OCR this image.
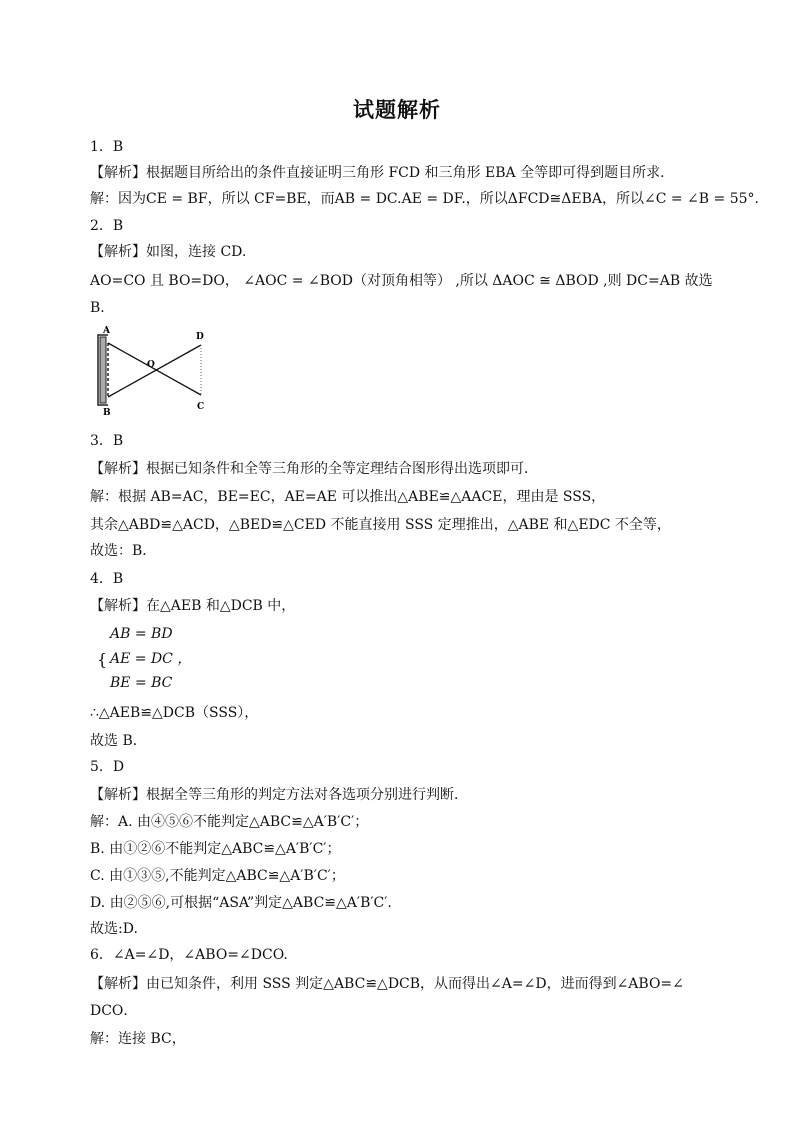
试题解析
1．B
【解析】根据题目所给出的条件直接证明三角形 FCD 和三角形 EBA 全等即可得到题目所求.
解：因为CE = BF，所以 CF=BE，而AB = DC.AE = DF.，所以ΔFCD≅ΔEBA，所以∠C = ∠B = 55°.
2．B
【解析】如图，连接 CD.
AO=CO 且 BO=DO， ∠AOC = ∠BOD（对顶角相等） ,所以 ΔAOC ≅ ΔBOD ,则 DC=AB 故选
B.
A
B
D
C
O
3．B
【解析】根据已知条件和全等三角形的全等定理结合图形得出选项即可．
解：根据 AB=AC，BE=EC，AE=AE 可以推出△ABE≌△AACE，理由是 SSS，
其余△ABD≌△ACD，△BED≌△CED 不能直接用 SSS 定理推出，△ABE 和△EDC 不全等，
故选：B．
4．B
【解析】在△AEB 和△DCB 中，
AB = BD
{ AE = DC ，
BE = BC
∴△AEB≌△DCB（SSS），
故选 B．
5．D
【解析】根据全等三角形的判定方法对各选项分别进行判断．
解：A. 由④⑤⑥不能判定△ABC≌△A′B′C′；
B. 由①②⑥不能判定△ABC≌△A′B′C′；
C. 由①③⑤,不能判定△ABC≌△A′B′C′；
D. 由②⑤⑥,可根据“ASA”判定△ABC≌△A′B′C′.
故选:D.
6．∠A=∠D，∠ABO=∠DCO.
【解析】由已知条件，利用 SSS 判定△ABC≌△DCB，从而得出∠A=∠D，进而得到∠ABO=∠
DCO．
解：连接 BC，
